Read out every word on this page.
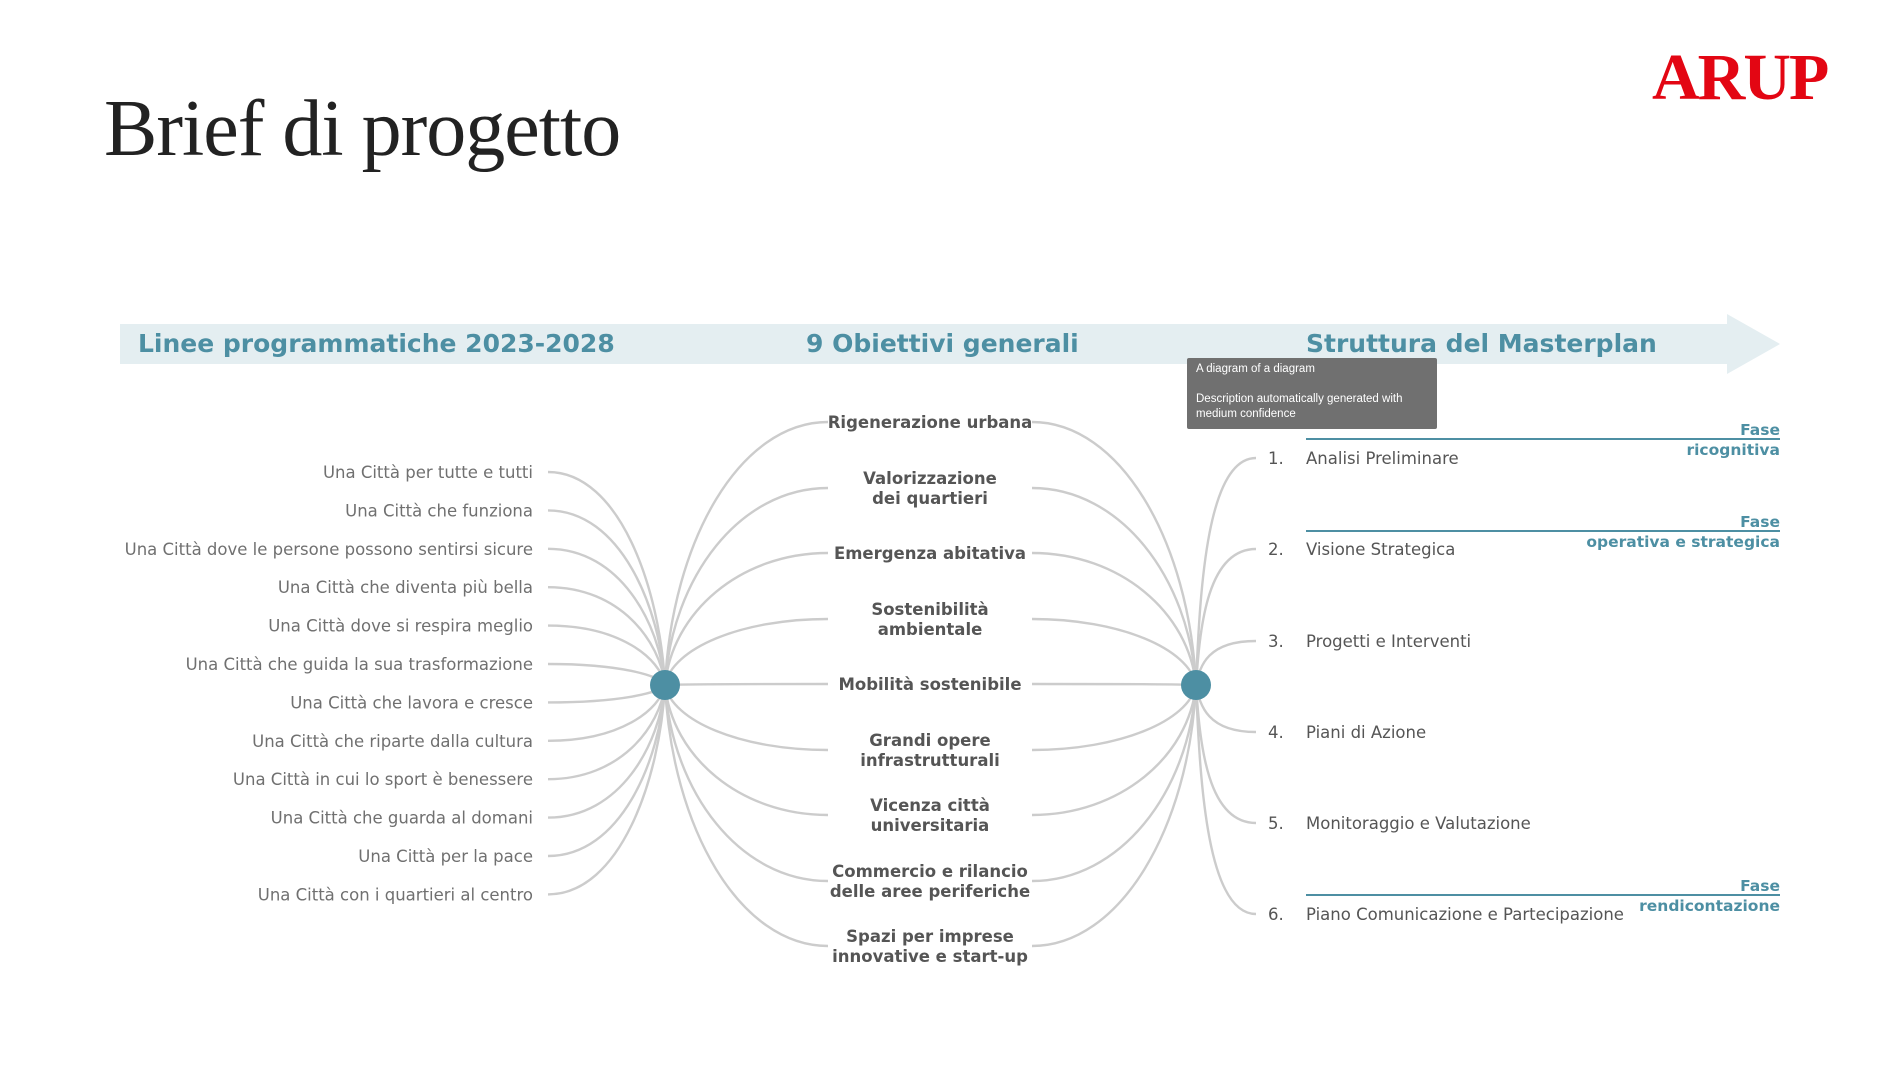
Brief di progetto
ARUP
Linee programmatiche 2023-2028	9 Obiettivi generali	Struttura del Masterplan
Una Città per tutte e tutti
Una Città che funziona
Una Città dove le persone possono sentirsi sicure
Una Città che diventa più bella
Una Città dove si respira meglio
Una Città che guida la sua trasformazione
Una Città che lavora e cresce
Una Città che riparte dalla cultura
Una Città in cui lo sport è benessere
Una Città che guarda al domani
Una Città per la pace
Una Città con i quartieri al centro
Rigenerazione urbana
Valorizzazione
dei quartieri
Emergenza abitativa
Sostenibilità
ambientale
Mobilità sostenibile
Grandi opere
infrastrutturali
Vicenza città
universitaria
Commercio e rilancio
delle aree periferiche
Spazi per imprese
innovative e start-up
1. Analisi Preliminare
2. Visione Strategica
3. Progetti e Interventi
4. Piani di Azione
5. Monitoraggio e Valutazione
6. Piano Comunicazione e Partecipazione
Fase
ricognitiva
Fase
operativa e strategica
Fase
rendicontazione
A diagram of a diagram
Description automatically generated with
medium confidence
